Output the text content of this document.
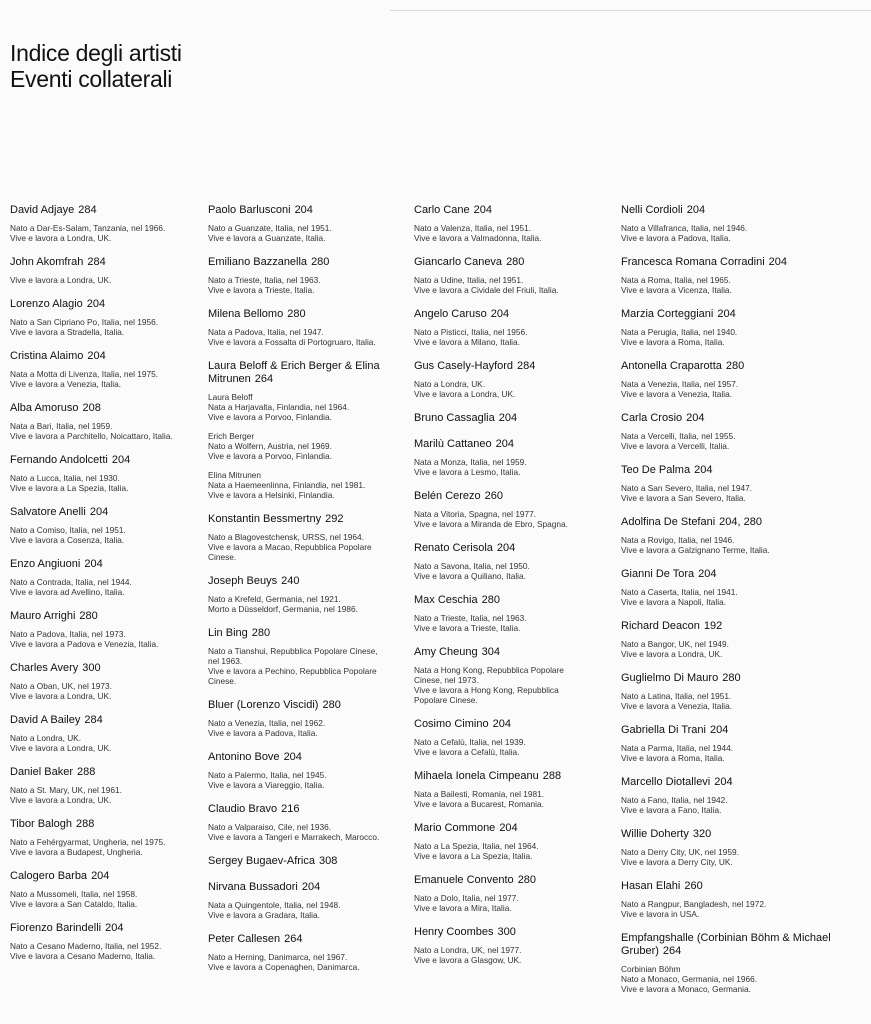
Indice degli artisti
Eventi collaterali
David Adjaye 284
Nato a Dar-Es-Salam, Tanzania, nel 1966.
Vive e lavora a Londra, UK.
John Akomfrah 284
Vive e lavora a Londra, UK.
Lorenzo Alagio 204
Nato a San Cipriano Po, Italia, nel 1956.
Vive e lavora a Stradella, Italia.
Cristina Alaimo 204
Nata a Motta di Livenza, Italia, nel 1975.
Vive e lavora a Venezia, Italia.
Alba Amoruso 208
Nata a Bari, Italia, nel 1959.
Vive e lavora a Parchitello, Noicattaro, Italia.
Fernando Andolcetti 204
Nato a Lucca, Italia, nel 1930.
Vive e lavora a La Spezia, Italia.
Salvatore Anelli 204
Nato a Comiso, Italia, nel 1951.
Vive e lavora a Cosenza, Italia.
Enzo Angiuoni 204
Nato a Contrada, Italia, nel 1944.
Vive e lavora ad Avellino, Italia.
Mauro Arrighi 280
Nato a Padova, Italia, nel 1973.
Vive e lavora a Padova e Venezia, Italia.
Charles Avery 300
Nato a Oban, UK, nel 1973.
Vive e lavora a Londra, UK.
David A Bailey 284
Nato a Londra, UK.
Vive e lavora a Londra, UK.
Daniel Baker 288
Nato a St. Mary, UK, nel 1961.
Vive e lavora a Londra, UK.
Tibor Balogh 288
Nato a Fehérgyarmat, Ungheria, nel 1975.
Vive e lavora a Budapest, Ungheria.
Calogero Barba 204
Nato a Mussomeli, Italia, nel 1958.
Vive e lavora a San Cataldo, Italia.
Fiorenzo Barindelli 204
Nato a Cesano Maderno, Italia, nel 1952.
Vive e lavora a Cesano Maderno, Italia.
Paolo Barlusconi 204
Nato a Guanzate, Italia, nel 1951.
Vive e lavora a Guanzate, Italia.
Emiliano Bazzanella 280
Nato a Trieste, Italia, nel 1963.
Vive e lavora a Trieste, Italia.
Milena Bellomo 280
Nata a Padova, Italia, nel 1947.
Vive e lavora a Fossalta di Portogruaro, Italia.
Laura Beloff & Erich Berger & Elina Mitrunen 264
Laura Beloff
Nata a Harjavalta, Finlandia, nel 1964.
Vive e lavora a Porvoo, Finlandia.
Erich Berger
Nato a Wolfern, Austria, nel 1969.
Vive e lavora a Porvoo, Finlandia.
Elina Mitrunen
Nata a Haemeenlinna, Finlandia, nel 1981.
Vive e lavora a Helsinki, Finlandia.
Konstantin Bessmertny 292
Nato a Blagovestchensk, URSS, nel 1964.
Vive e lavora a Macao, Repubblica Popolare
Cinese.
Joseph Beuys 240
Nato a Krefeld, Germania, nel 1921.
Morto a Düsseldorf, Germania, nel 1986.
Lin Bing 280
Nato a Tianshui, Repubblica Popolare Cinese,
nel 1963.
Vive e lavora a Pechino, Repubblica Popolare
Cinese.
Bluer (Lorenzo Viscidi) 280
Nato a Venezia, Italia, nel 1962.
Vive e lavora a Padova, Italia.
Antonino Bove 204
Nato a Palermo, Italia, nel 1945.
Vive e lavora a Viareggio, Italia.
Claudio Bravo 216
Nato a Valparaiso, Cile, nel 1936.
Vive e lavora a Tangeri e Marrakech, Marocco.
Sergey Bugaev-Africa 308
Nirvana Bussadori 204
Nata a Quingentole, Italia, nel 1948.
Vive e lavora a Gradara, Italia.
Peter Callesen 264
Nato a Herning, Danimarca, nel 1967.
Vive e lavora a Copenaghen, Danimarca.
Carlo Cane 204
Nato a Valenza, Italia, nel 1951.
Vive e lavora a Valmadonna, Italia.
Giancarlo Caneva 280
Nato a Udine, Italia, nel 1951.
Vive e lavora a Cividale del Friuli, Italia.
Angelo Caruso 204
Nato a Pisticci, Italia, nel 1956.
Vive e lavora a Milano, Italia.
Gus Casely-Hayford 284
Nato a Londra, UK.
Vive e lavora a Londra, UK.
Bruno Cassaglia 204
Marilù Cattaneo 204
Nata a Monza, Italia, nel 1959.
Vive e lavora a Lesmo, Italia.
Belén Cerezo 260
Nata a Vitoria, Spagna, nel 1977.
Vive e lavora a Miranda de Ebro, Spagna.
Renato Cerisola 204
Nato a Savona, Italia, nel 1950.
Vive e lavora a Quiliano, Italia.
Max Ceschia 280
Nato a Trieste, Italia, nel 1963.
Vive e lavora a Trieste, Italia.
Amy Cheung 304
Nata a Hong Kong, Repubblica Popolare
Cinese, nel 1973.
Vive e lavora a Hong Kong, Repubblica
Popolare Cinese.
Cosimo Cimino 204
Nato a Cefalù, Italia, nel 1939.
Vive e lavora a Cefalù, Italia.
Mihaela Ionela Cimpeanu 288
Nata a Bailesti, Romania, nel 1981.
Vive e lavora a Bucarest, Romania.
Mario Commone 204
Nato a La Spezia, Italia, nel 1964.
Vive e lavora a La Spezia, Italia.
Emanuele Convento 280
Nato a Dolo, Italia, nel 1977.
Vive e lavora a Mira, Italia.
Henry Coombes 300
Nato a Londra, UK, nel 1977.
Vive e lavora a Glasgow, UK.
Nelli Cordioli 204
Nato a Villafranca, Italia, nel 1946.
Vive e lavora a Padova, Italia.
Francesca Romana Corradini 204
Nata a Roma, Italia, nel 1965.
Vive e lavora a Vicenza, Italia.
Marzia Corteggiani 204
Nata a Perugia, Italia, nel 1940.
Vive e lavora a Roma, Italia.
Antonella Craparotta 280
Nata a Venezia, Italia, nel 1957.
Vive e lavora a Venezia, Italia.
Carla Crosio 204
Nata a Vercelli, Italia, nel 1955.
Vive e lavora a Vercelli, Italia.
Teo De Palma 204
Nato a San Severo, Italia, nel 1947.
Vive e lavora a San Severo, Italia.
Adolfina De Stefani 204, 280
Nata a Rovigo, Italia, nel 1946.
Vive e lavora a Galzignano Terme, Italia.
Gianni De Tora 204
Nato a Caserta, Italia, nel 1941.
Vive e lavora a Napoli, Italia.
Richard Deacon 192
Nato a Bangor, UK, nel 1949.
Vive e lavora a Londra, UK.
Guglielmo Di Mauro 280
Nato a Latina, Italia, nel 1951.
Vive e lavora a Venezia, Italia.
Gabriella Di Trani 204
Nata a Parma, Italia, nel 1944.
Vive e lavora a Roma, Italia.
Marcello Diotallevi 204
Nato a Fano, Italia, nel 1942.
Vive e lavora a Fano, Italia.
Willie Doherty 320
Nato a Derry City, UK, nel 1959.
Vive e lavora a Derry City, UK.
Hasan Elahi 260
Nato a Rangpur, Bangladesh, nel 1972.
Vive e lavora in USA.
Empfangshalle (Corbinian Böhm & Michael Gruber) 264
Corbinian Böhm
Nato a Monaco, Germania, nel 1966.
Vive e lavora a Monaco, Germania.
